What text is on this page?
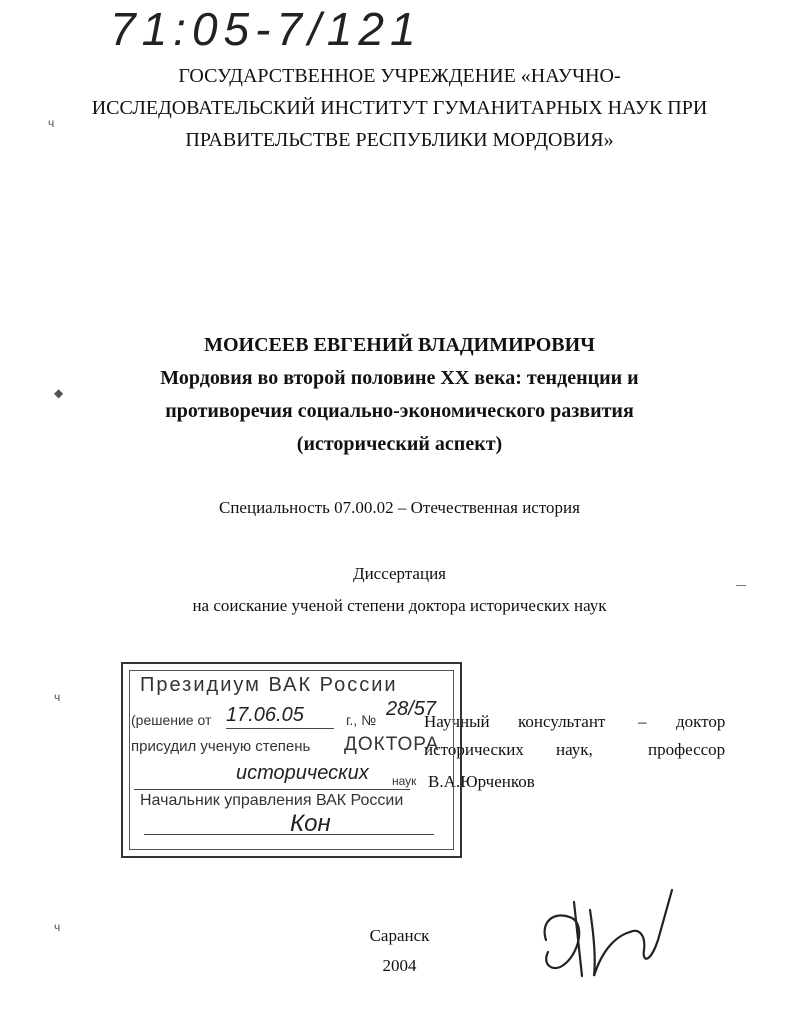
71:05-7/121
ГОСУДАРСТВЕННОЕ УЧРЕЖДЕНИЕ «НАУЧНО-
ИССЛЕДОВАТЕЛЬСКИЙ ИНСТИТУТ ГУМАНИТАРНЫХ НАУК ПРИ
ПРАВИТЕЛЬСТВЕ РЕСПУБЛИКИ МОРДОВИЯ»
МОИСЕЕВ ЕВГЕНИЙ ВЛАДИМИРОВИЧ
Мордовия во второй половине XX века: тенденции и
противоречия социально-экономического развития
(исторический аспект)
Специальность 07.00.02 – Отечественная история
Диссертация
на соискание ученой степени доктора исторических наук
Научный консультант – доктор
исторических наук,	профессор
В.А.Юрченков
Президиум ВАК России
(решение от 17.06.05	г., № 28/57
присудил ученую степень ДОКТОРА
исторических наук
Начальник управления ВАК России
Кон
Саранск
2004
ч
◆
ч
ч
